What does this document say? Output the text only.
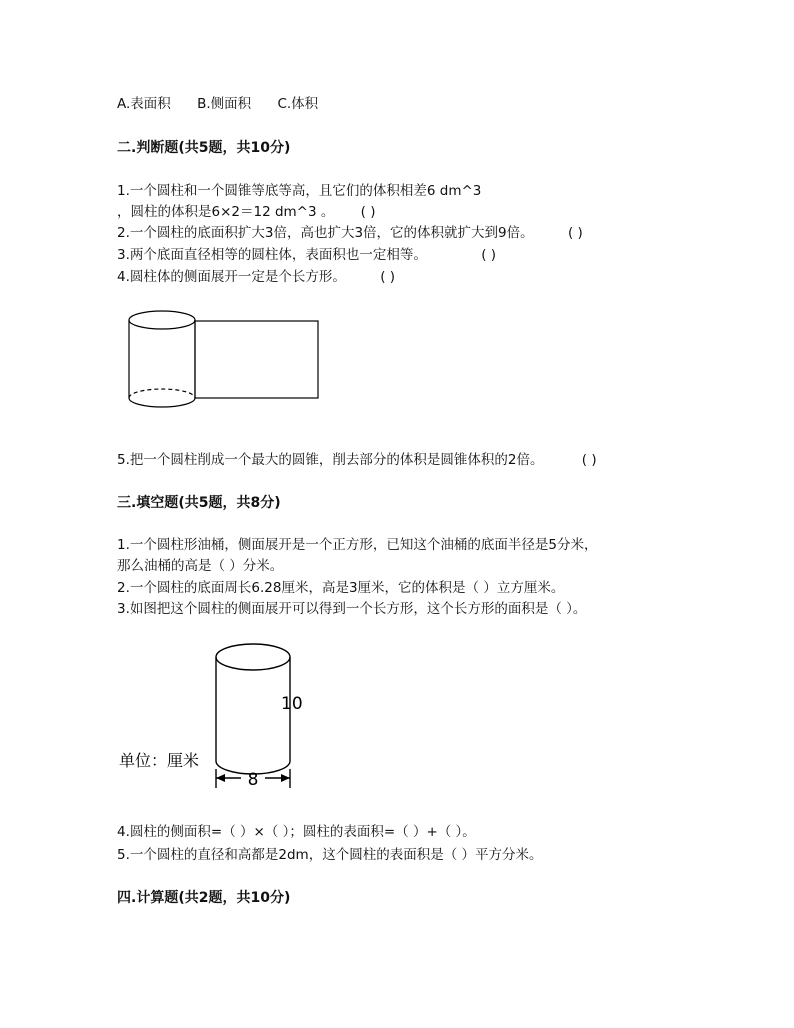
A.表面积 B.侧面积 C.体积
二.判断题(共5题，共10分)
1.一个圆柱和一个圆锥等底等高，且它们的体积相差6 dm^3
，圆柱的体积是6×2＝12 dm^3 。 ( )
2.一个圆柱的底面积扩大3倍，高也扩大3倍，它的体积就扩大到9倍。	( )
3.两个底面直径相等的圆柱体，表面积也一定相等。	( )
4.圆柱体的侧面展开一定是个长方形。	( )
5.把一个圆柱削成一个最大的圆锥，削去部分的体积是圆锥体积的2倍。	( )
三.填空题(共5题，共8分)
1.一个圆柱形油桶，侧面展开是一个正方形，已知这个油桶的底面半径是5分米，
那么油桶的高是（ ）分米。
2.一个圆柱的底面周长6.28厘米，高是3厘米，它的体积是（ ）立方厘米。
3.如图把这个圆柱的侧面展开可以得到一个长方形，这个长方形的面积是（ ）。
10
单位：厘米
8
4.圆柱的侧面积=（ ）×（ ）；圆柱的表面积=（ ）+（ ）。
5.一个圆柱的直径和高都是2dm，这个圆柱的表面积是（ ）平方分米。
四.计算题(共2题，共10分)
